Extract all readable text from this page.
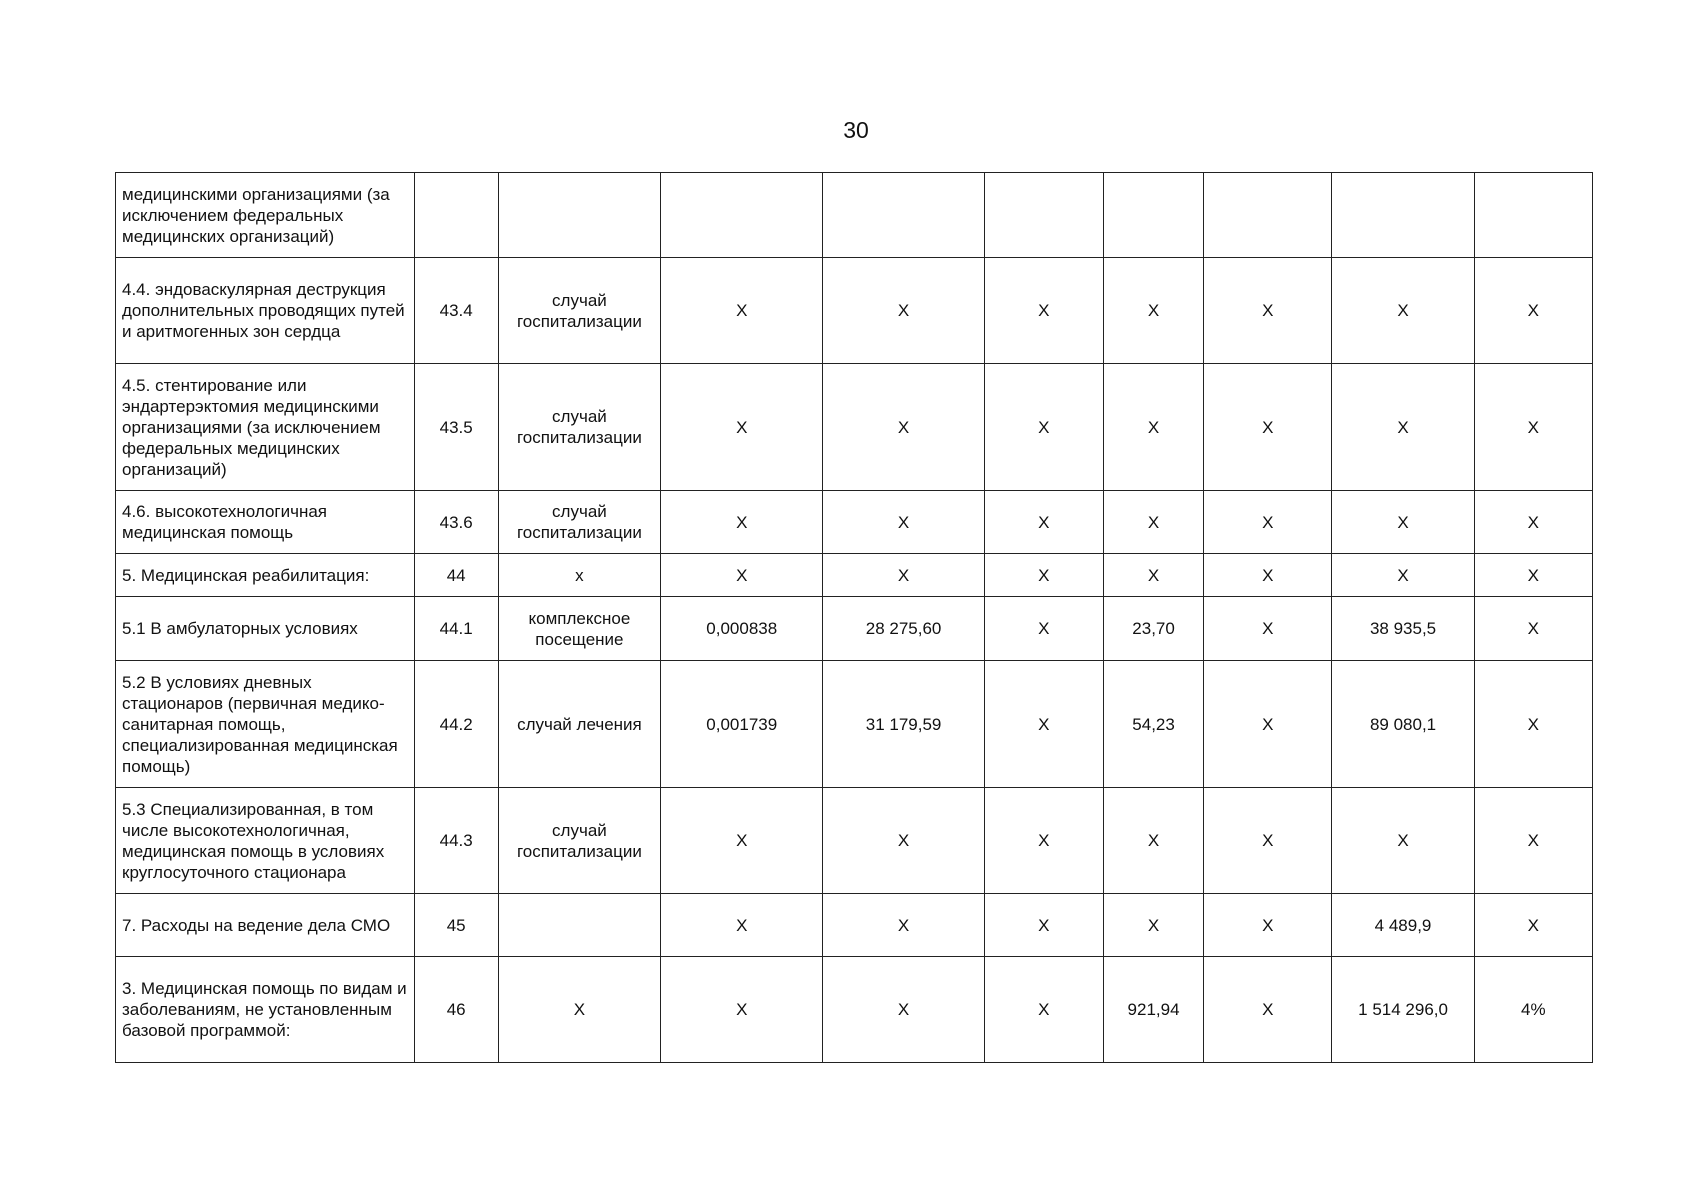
30
медицинскими организациями (за исключением федеральных медицинских организаций)									
4.4. эндоваскулярная деструкция дополнительных проводящих путей и аритмогенных зон сердца	43.4	случай госпитализации	X	X	X	X	X	X	X
4.5. стентирование или эндартерэктомия медицинскими организациями (за исключением федеральных медицинских организаций)	43.5	случай госпитализации	X	X	X	X	X	X	X
4.6. высокотехнологичная медицинская помощь	43.6	случай госпитализации	X	X	X	X	X	X	X
5. Медицинская реабилитация:	44	х	X	X	X	X	X	X	X
5.1 В амбулаторных условиях	44.1	комплексное посещение	0,000838	28 275,60	X	23,70	X	38 935,5	X
5.2 В условиях дневных стационаров (первичная медико-санитарная помощь, специализированная медицинская помощь)	44.2	случай лечения	0,001739	31 179,59	X	54,23	X	89 080,1	X
5.3 Специализированная, в том числе высокотехнологичная, медицинская помощь в условиях круглосуточного стационара	44.3	случай госпитализации	X	X	X	X	X	X	X
7. Расходы на ведение дела СМО	45		X	X	X	X	X	4 489,9	X
3. Медицинская помощь по видам и заболеваниям, не установленным базовой программой:	46	X	X	X	X	921,94	X	1 514 296,0	4%
